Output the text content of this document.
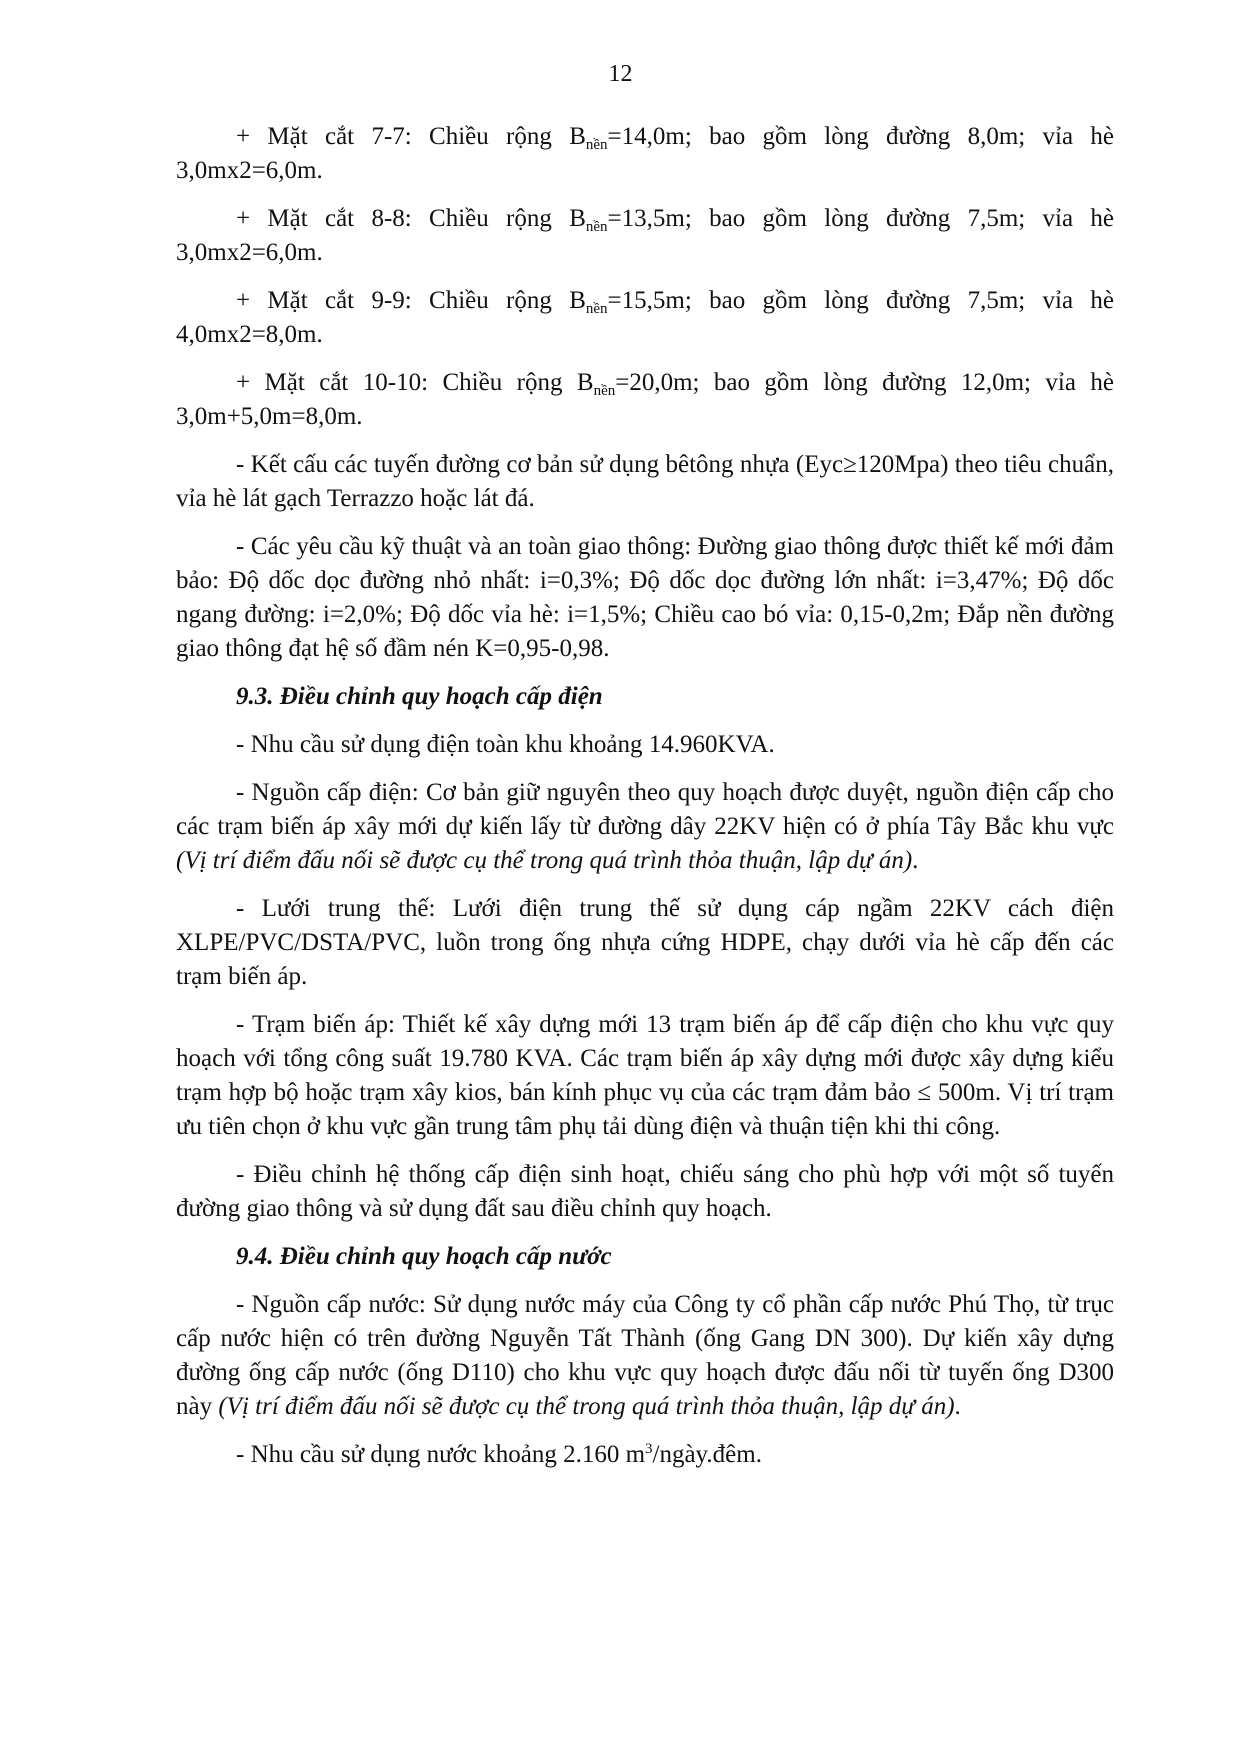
12

+ Mặt cắt 7-7: Chiều rộng $B_{nền}=14,0m$; bao gồm lòng đường 8,0m; vỉa hè 3,0mx2=6,0m.

+ Mặt cắt 8-8: Chiều rộng $B_{nền}=13,5m$; bao gồm lòng đường 7,5m; vỉa hè 3,0mx2=6,0m.

+ Mặt cắt 9-9: Chiều rộng $B_{nền}=15,5m$; bao gồm lòng đường 7,5m; vỉa hè 4,0mx2=8,0m.

+ Mặt cắt 10-10: Chiều rộng $B_{nền}=20,0m$; bao gồm lòng đường 12,0m; vỉa hè 3,0m+5,0m=8,0m.

- Kết cấu các tuyến đường cơ bản sử dụng bêtông nhựa (Eyc≥120Mpa) theo tiêu chuẩn, vỉa hè lát gạch Terrazzo hoặc lát đá.

- Các yêu cầu kỹ thuật và an toàn giao thông: Đường giao thông được thiết kế mới đảm bảo: Độ dốc dọc đường nhỏ nhất: i=0,3%; Độ dốc dọc đường lớn nhất: i=3,47%; Độ dốc ngang đường: i=2,0%; Độ dốc vỉa hè: i=1,5%; Chiều cao bó vỉa: 0,15-0,2m; Đắp nền đường giao thông đạt hệ số đầm nén K=0,95-0,98.

9.3. Điều chỉnh quy hoạch cấp điện

- Nhu cầu sử dụng điện toàn khu khoảng 14.960KVA.

- Nguồn cấp điện: Cơ bản giữ nguyên theo quy hoạch được duyệt, nguồn điện cấp cho các trạm biến áp xây mới dự kiến lấy từ đường dây 22KV hiện có ở phía Tây Bắc khu vực (Vị trí điểm đấu nối sẽ được cụ thể trong quá trình thỏa thuận, lập dự án).

- Lưới trung thế: Lưới điện trung thế sử dụng cáp ngầm 22KV cách điện XLPE/PVC/DSTA/PVC, luồn trong ống nhựa cứng HDPE, chạy dưới vỉa hè cấp đến các trạm biến áp.

- Trạm biến áp: Thiết kế xây dựng mới 13 trạm biến áp để cấp điện cho khu vực quy hoạch với tổng công suất 19.780 KVA. Các trạm biến áp xây dựng mới được xây dựng kiểu trạm hợp bộ hoặc trạm xây kios, bán kính phục vụ của các trạm đảm bảo ≤ 500m. Vị trí trạm ưu tiên chọn ở khu vực gần trung tâm phụ tải dùng điện và thuận tiện khi thi công.

- Điều chỉnh hệ thống cấp điện sinh hoạt, chiếu sáng cho phù hợp với một số tuyến đường giao thông và sử dụng đất sau điều chỉnh quy hoạch.

9.4. Điều chỉnh quy hoạch cấp nước

- Nguồn cấp nước: Sử dụng nước máy của Công ty cổ phần cấp nước Phú Thọ, từ trục cấp nước hiện có trên đường Nguyễn Tất Thành (ống Gang DN 300). Dự kiến xây dựng đường ống cấp nước (ống D110) cho khu vực quy hoạch được đấu nối từ tuyến ống D300 này (Vị trí điểm đấu nối sẽ được cụ thể trong quá trình thỏa thuận, lập dự án).

- Nhu cầu sử dụng nước khoảng 2.160 $m^3/ngày.đêm$.
